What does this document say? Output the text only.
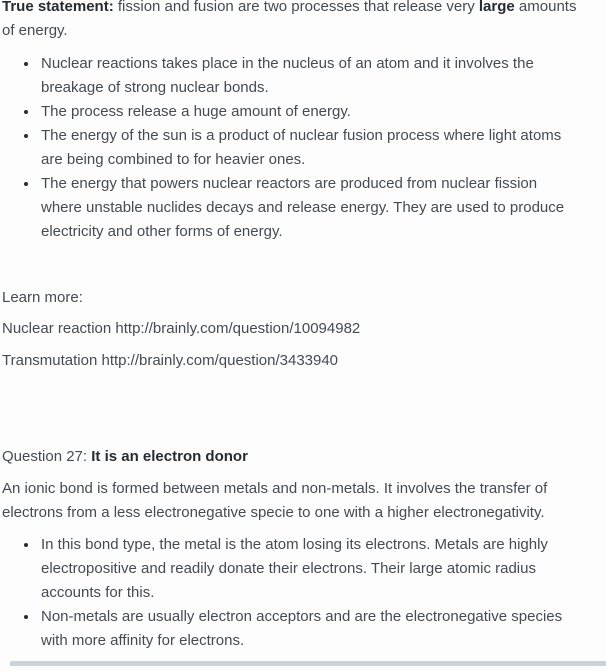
True statement: fission and fusion are two processes that release very large amounts of energy.

• Nuclear reactions takes place in the nucleus of an atom and it involves the breakage of strong nuclear bonds.
• The process release a huge amount of energy.
• The energy of the sun is a product of nuclear fusion process where light atoms are being combined to for heavier ones.
• The energy that powers nuclear reactors are produced from nuclear fission where unstable nuclides decays and release energy. They are used to produce electricity and other forms of energy.

Learn more:

Nuclear reaction http://brainly.com/question/10094982

Transmutation http://brainly.com/question/3433940

Question 27: It is an electron donor

An ionic bond is formed between metals and non-metals. It involves the transfer of electrons from a less electronegative specie to one with a higher electronegativity.

• In this bond type, the metal is the atom losing its electrons. Metals are highly electropositive and readily donate their electrons. Their large atomic radius accounts for this.
• Non-metals are usually electron acceptors and are the electronegative species with more affinity for electrons.
